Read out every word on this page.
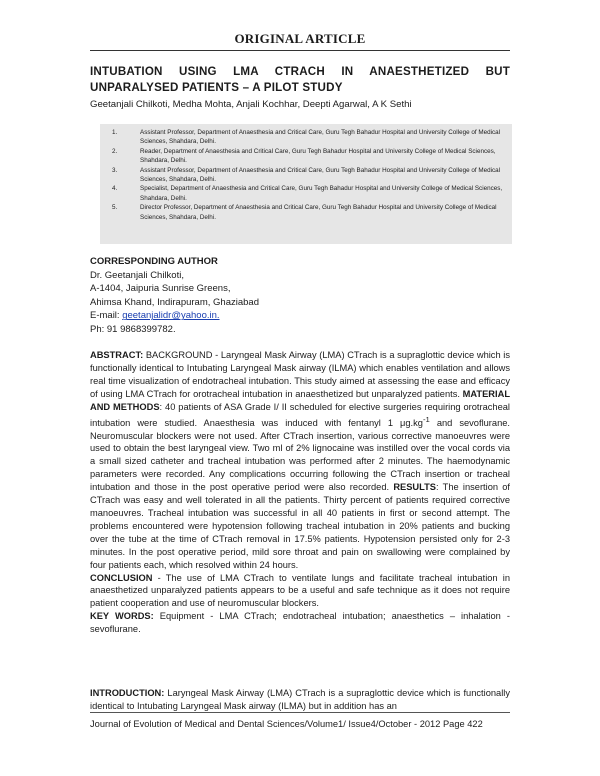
ORIGINAL ARTICLE
INTUBATION USING LMA CTRACH IN ANAESTHETIZED BUT UNPARALYSED PATIENTS – A PILOT STUDY
Geetanjali Chilkoti, Medha Mohta, Anjali Kochhar, Deepti Agarwal, A K Sethi
1.	Assistant Professor, Department of Anaesthesia and Critical Care, Guru Tegh Bahadur Hospital and University College of Medical Sciences, Shahdara, Delhi.
2.	Reader, Department of Anaesthesia and Critical Care, Guru Tegh Bahadur Hospital and University College of Medical Sciences, Shahdara, Delhi.
3.	Assistant Professor, Department of Anaesthesia and Critical Care, Guru Tegh Bahadur Hospital and University College of Medical Sciences, Shahdara, Delhi.
4.	Specialist, Department of Anaesthesia and Critical Care, Guru Tegh Bahadur Hospital and University College of Medical Sciences, Shahdara, Delhi.
5.	Director Professor, Department of Anaesthesia and Critical Care, Guru Tegh Bahadur Hospital and University College of Medical Sciences, Shahdara, Delhi.
CORRESPONDING AUTHOR
Dr. Geetanjali Chilkoti,
A-1404, Jaipuria Sunrise Greens,
Ahimsa Khand, Indirapuram, Ghaziabad
E-mail: geetanjalidr@yahoo.in.
Ph: 91 9868399782.

ABSTRACT: BACKGROUND - Laryngeal Mask Airway (LMA) CTrach is a supraglottic device which is functionally identical to Intubating Laryngeal Mask airway (ILMA) which enables ventilation and allows real time visualization of endotracheal intubation. This study aimed at assessing the ease and efficacy of using LMA CTrach for orotracheal intubation in anaesthetized but unparalyzed patients. MATERIAL AND METHODS: 40 patients of ASA Grade I/ II scheduled for elective surgeries requiring orotracheal intubation were studied. Anaesthesia was induced with fentanyl 1 $\mu g.kg^{-1}$ and sevoflurane. Neuromuscular blockers were not used. After CTrach insertion, various corrective manoeuvres were used to obtain the best laryngeal view. Two ml of 2% lignocaine was instilled over the vocal cords via a small sized catheter and tracheal intubation was performed after 2 minutes. The haemodynamic parameters were recorded. Any complications occurring following the CTrach insertion or tracheal intubation and those in the post operative period were also recorded. RESULTS: The insertion of CTrach was easy and well tolerated in all the patients. Thirty percent of patients required corrective manoeuvres. Tracheal intubation was successful in all 40 patients in first or second attempt. The problems encountered were hypotension following tracheal intubation in 20% patients and bucking over the tube at the time of CTrach removal in 17.5% patients. Hypotension persisted only for 2-3 minutes. In the post operative period, mild sore throat and pain on swallowing were complained by four patients each, which resolved within 24 hours.

CONCLUSION - The use of LMA CTrach to ventilate lungs and facilitate tracheal intubation in anaesthetized unparalyzed patients appears to be a useful and safe technique as it does not require patient cooperation and use of neuromuscular blockers.

KEY WORDS: Equipment - LMA CTrach; endotracheal intubation; anaesthetics – inhalation - sevoflurane.

INTRODUCTION: Laryngeal Mask Airway (LMA) CTrach is a supraglottic device which is functionally identical to Intubating Laryngeal Mask airway (ILMA) but in addition has an

Journal of Evolution of Medical and Dental Sciences/Volume1/ Issue4/October - 2012 Page 422
